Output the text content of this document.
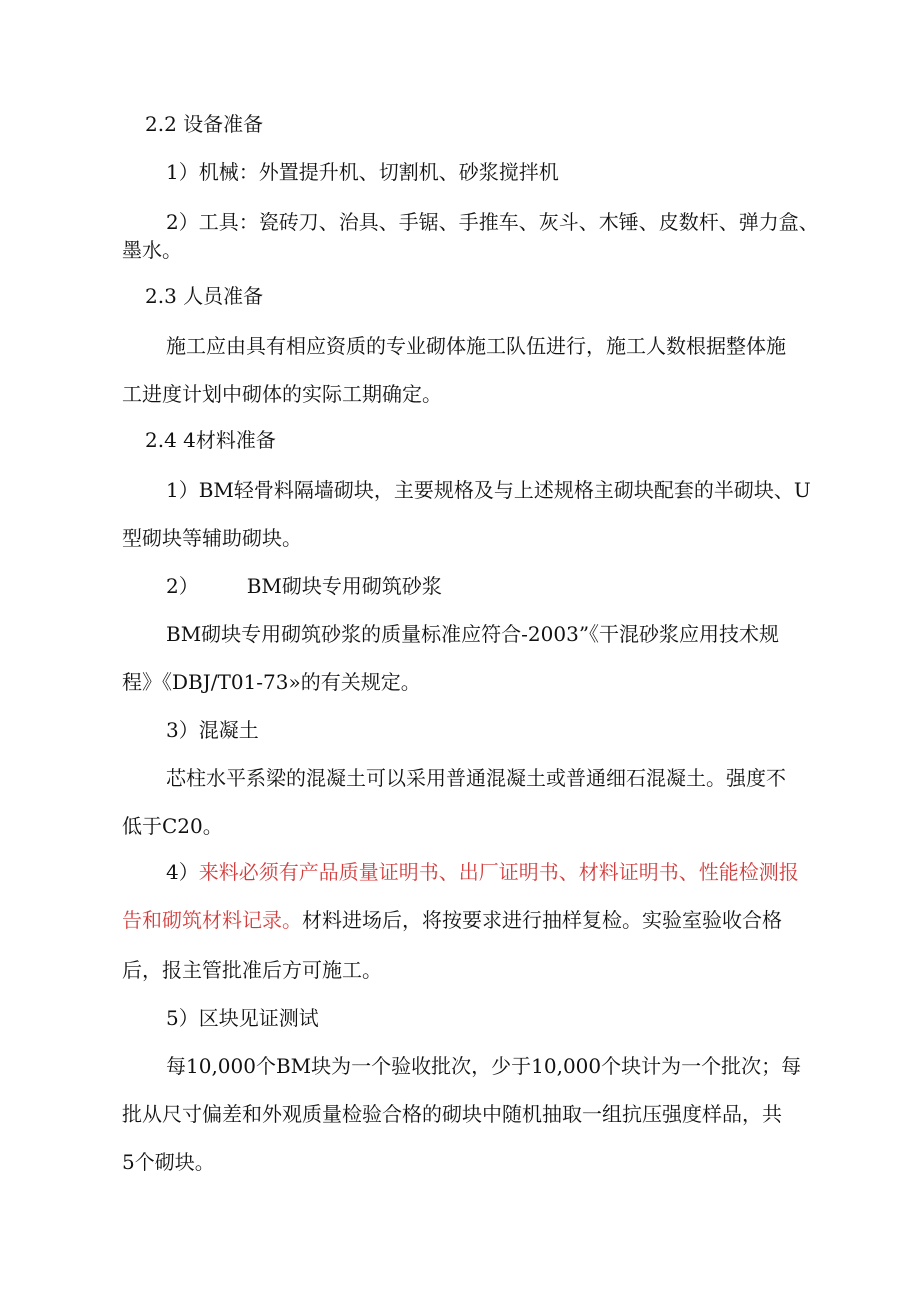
2.2 设备准备
1）机械：外置提升机、切割机、砂浆搅拌机
2）工具：瓷砖刀、治具、手锯、手推车、灰斗、木锤、皮数杆、弹力盒、
墨水。
2.3 人员准备
施工应由具有相应资质的专业砌体施工队伍进行，施工人数根据整体施
工进度计划中砌体的实际工期确定。
2.4 4材料准备
1）BM轻骨料隔墙砌块，主要规格及与上述规格主砌块配套的半砌块、U
型砌块等辅助砌块。
2） BM砌块专用砌筑砂浆
BM砌块专用砌筑砂浆的质量标准应符合-2003”《干混砂浆应用技术规
程》《DBJ/T01-73»的有关规定。
3）混凝土
芯柱水平系梁的混凝土可以采用普通混凝土或普通细石混凝土。强度不
低于C20。
4）来料必须有产品质量证明书、出厂证明书、材料证明书、性能检测报
告和砌筑材料记录。材料进场后，将按要求进行抽样复检。实验室验收合格
后，报主管批准后方可施工。
5）区块见证测试
每10,000个BM块为一个验收批次，少于10,000个块计为一个批次；每
批从尺寸偏差和外观质量检验合格的砌块中随机抽取一组抗压强度样品，共
5个砌块。
